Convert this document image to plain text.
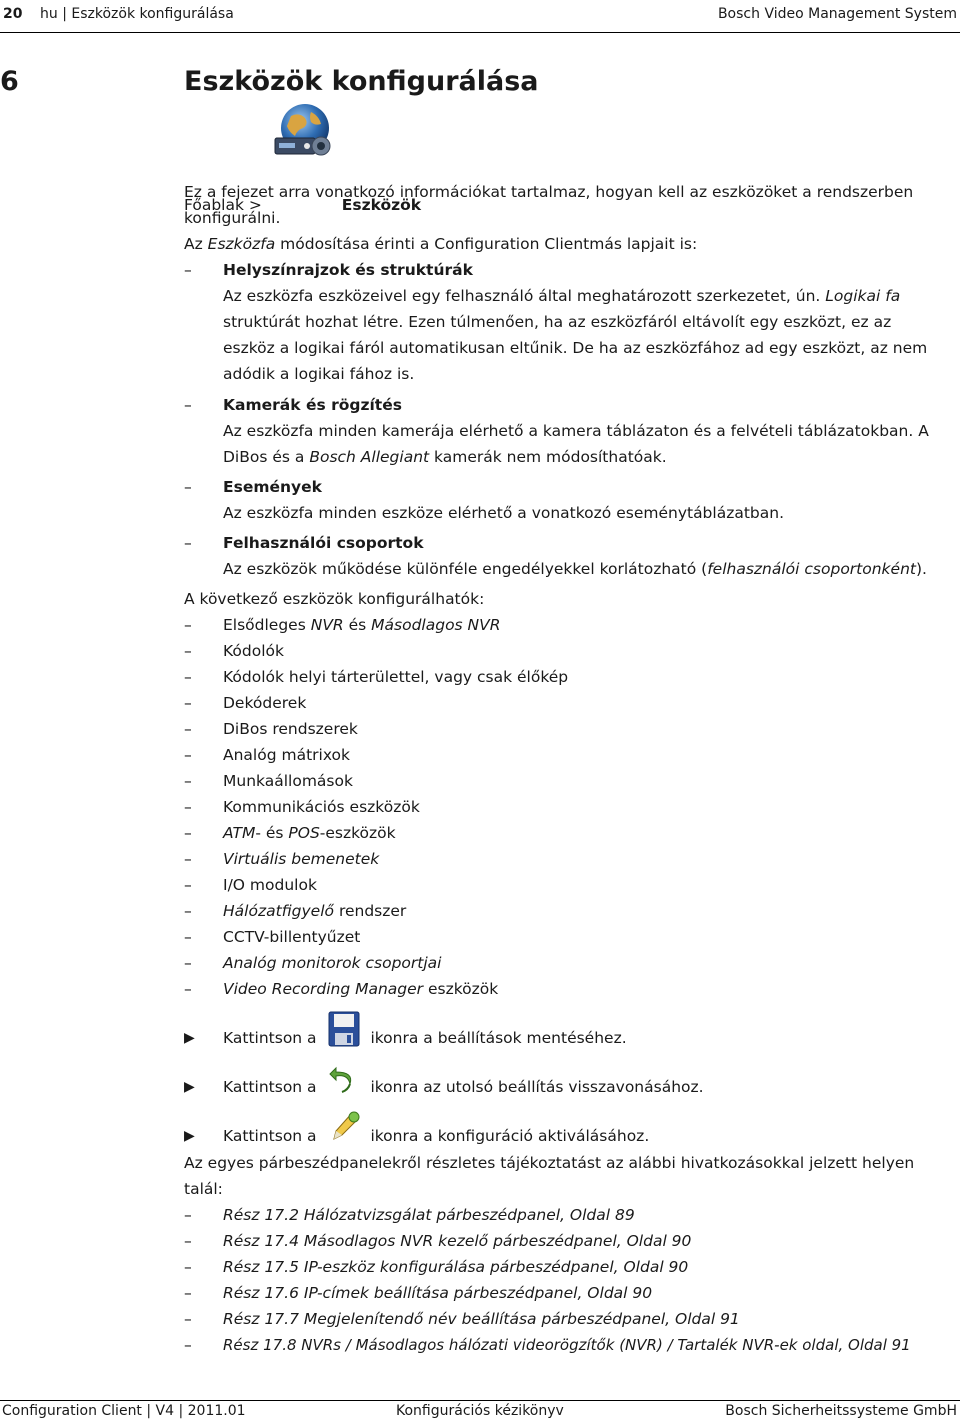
20 hu | Eszközök konfigurálása	Bosch Video Management System
6	Eszközök konfigurálása
Főablak >	Eszközök
Ez a fejezet arra vonatkozó információkat tartalmaz, hogyan kell az eszközöket a rendszerben
konfigurálni.
Az Eszközfa módosítása érinti a Configuration Clientmás lapjait is:
– Helyszínrajzok és struktúrák
Az eszközfa eszközeivel egy felhasználó által meghatározott szerkezetet, ún. Logikai fa
struktúrát hozhat létre. Ezen túlmenően, ha az eszközfáról eltávolít egy eszközt, ez az
eszköz a logikai fáról automatikusan eltűnik. De ha az eszközfához ad egy eszközt, az nem
adódik a logikai fához is.
– Kamerák és rögzítés
Az eszközfa minden kamerája elérhető a kamera táblázaton és a felvételi táblázatokban. A
DiBos és a Bosch Allegiant kamerák nem módosíthatóak.
– Események
Az eszközfa minden eszköze elérhető a vonatkozó eseménytáblázatban.
– Felhasználói csoportok
Az eszközök működése különféle engedélyekkel korlátozható (felhasználói csoportonként).
A következő eszközök konfigurálhatók:
– Elsődleges NVR és Másodlagos NVR
– Kódolók
– Kódolók helyi tárterülettel, vagy csak élőkép
– Dekóderek
– DiBos rendszerek
– Analóg mátrixok
– Munkaállomások
– Kommunikációs eszközök
– ATM- és POS-eszközök
– Virtuális bemenetek
– I/O modulok
– Hálózatfigyelő rendszer
– CCTV-billentyűzet
– Analóg monitorok csoportjai
– Video Recording Manager eszközök
▶ Kattintson a	ikonra a beállítások mentéséhez.
▶ Kattintson a	ikonra az utolsó beállítás visszavonásához.
▶ Kattintson a	ikonra a konfiguráció aktiválásához.
Az egyes párbeszédpanelekről részletes tájékoztatást az alábbi hivatkozásokkal jelzett helyen
talál:
– Rész 17.2 Hálózatvizsgálat párbeszédpanel, Oldal 89
– Rész 17.4 Másodlagos NVR kezelő párbeszédpanel, Oldal 90
– Rész 17.5 IP-eszköz konfigurálása párbeszédpanel, Oldal 90
– Rész 17.6 IP-címek beállítása párbeszédpanel, Oldal 90
– Rész 17.7 Megjelenítendő név beállítása párbeszédpanel, Oldal 91
– Rész 17.8 NVRs / Másodlagos hálózati videorögzítők (NVR) / Tartalék NVR-ek oldal, Oldal 91
Configuration Client | V4 | 2011.01	Konfigurációs kézikönyv	Bosch Sicherheitssysteme GmbH
